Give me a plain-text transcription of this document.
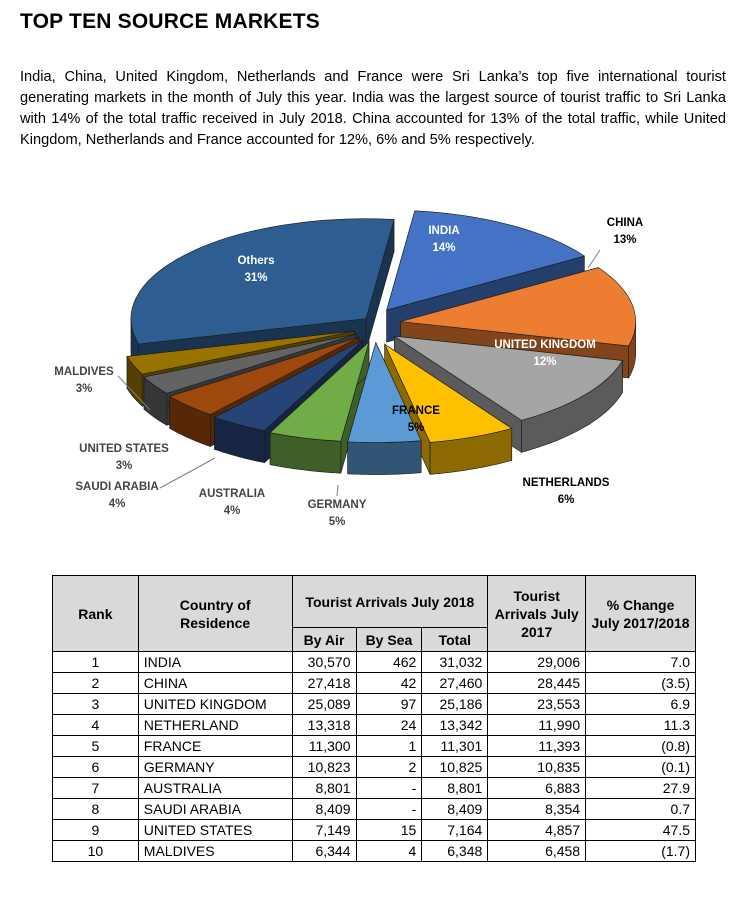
TOP TEN SOURCE MARKETS

India, China, United Kingdom, Netherlands and France were Sri Lanka’s top five international tourist generating markets in the month of July this year. India was the largest source of tourist traffic to Sri Lanka with 14% of the total traffic received in July 2018. China accounted for 13% of the total traffic, while United Kingdom, Netherlands and France accounted for 12%, 6% and 5% respectively.

INDIA
14%
CHINA
13%
UNITED KINGDOM
12%
NETHERLANDS
6%
FRANCE
5%
GERMANY
5%
AUSTRALIA
4%
SAUDI ARABIA
4%
UNITED STATES
3%
MALDIVES
3%
Others
31%
Rank	Country of Residence	Tourist Arrivals July 2018			Tourist Arrivals July 2017	% Change July 2017/2018
		By Air	By Sea	Total		
1	INDIA	30,570	462	31,032	29,006	7.0
2	CHINA	27,418	42	27,460	28,445	(3.5)
3	UNITED KINGDOM	25,089	97	25,186	23,553	6.9
4	NETHERLAND	13,318	24	13,342	11,990	11.3
5	FRANCE	11,300	1	11,301	11,393	(0.8)
6	GERMANY	10,823	2	10,825	10,835	(0.1)
7	AUSTRALIA	8,801	-	8,801	6,883	27.9
8	SAUDI ARABIA	8,409	-	8,409	8,354	0.7
9	UNITED STATES	7,149	15	7,164	4,857	47.5
10	MALDIVES	6,344	4	6,348	6,458	(1.7)
